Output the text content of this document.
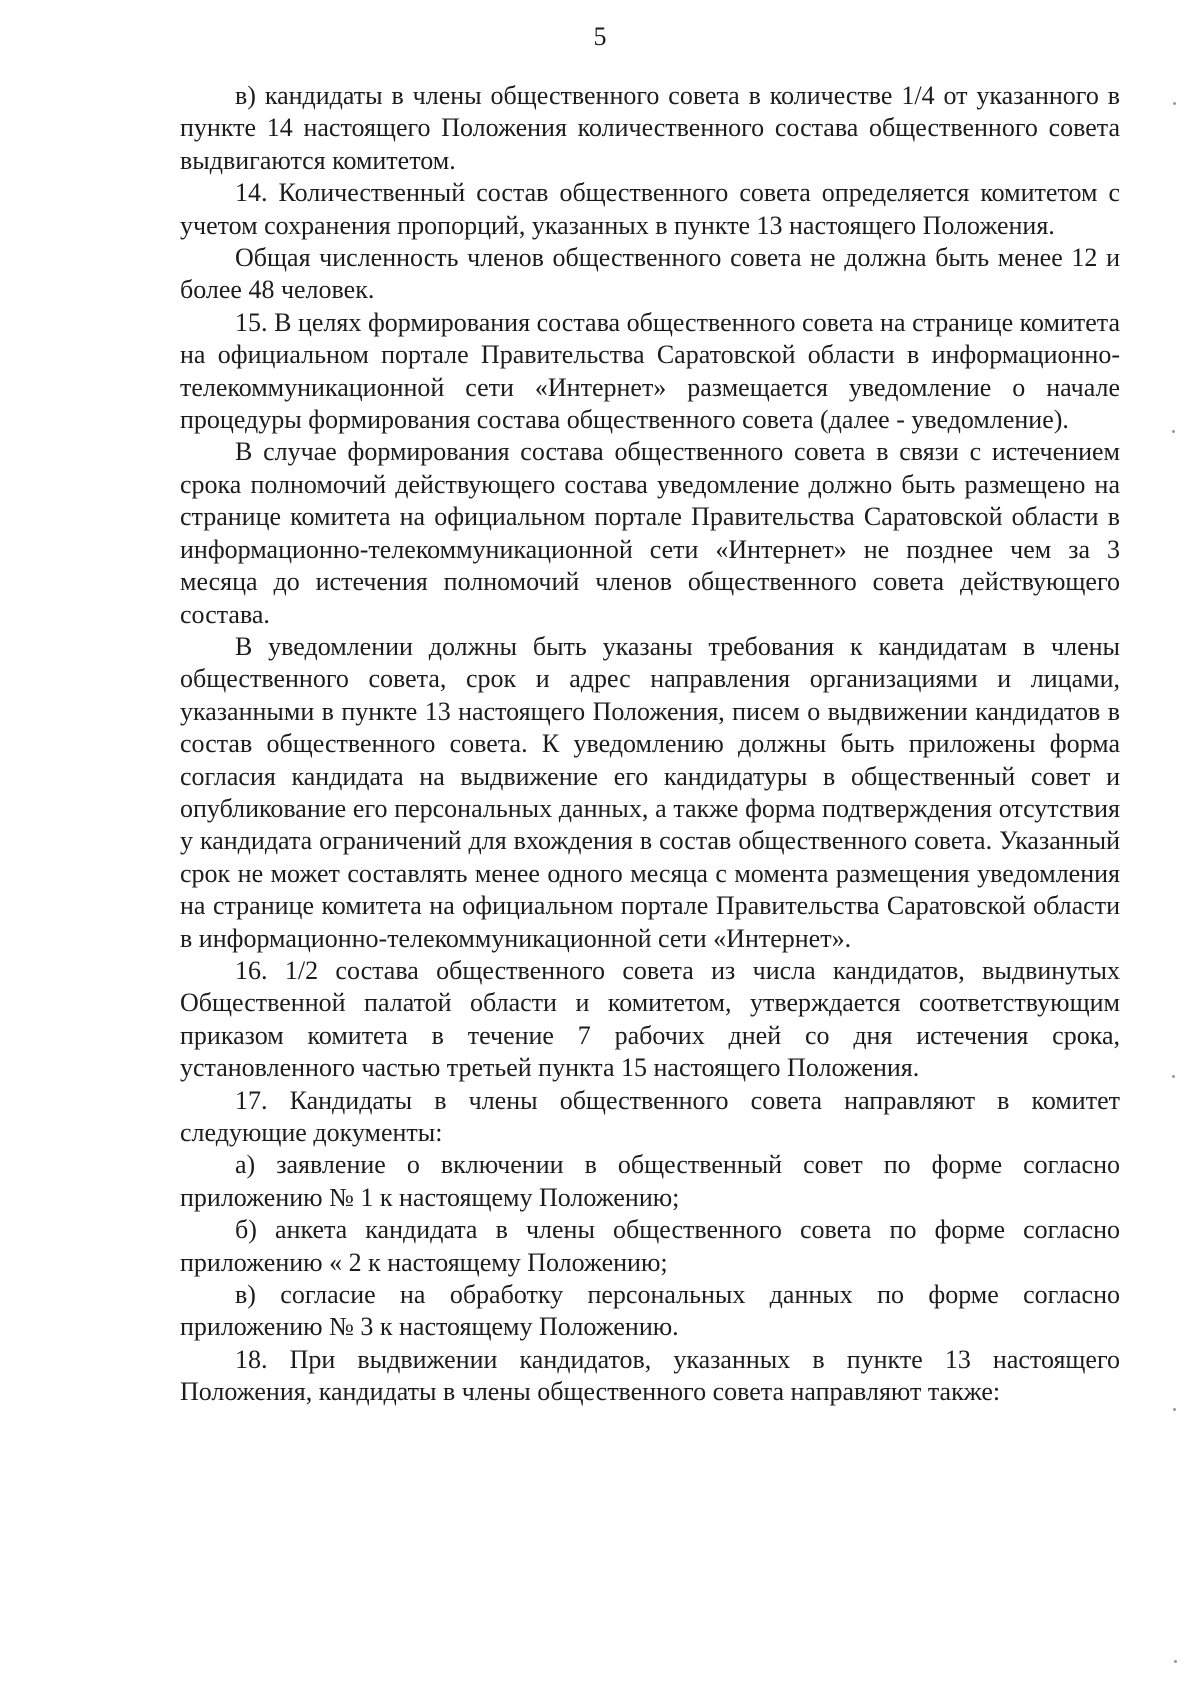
5

в) кандидаты в члены общественного совета в количестве 1/4 от указанного в пункте 14 настоящего Положения количественного состава общественного совета выдвигаются комитетом.

14. Количественный состав общественного совета определяется комитетом с учетом сохранения пропорций, указанных в пункте 13 настоящего Положения.

Общая численность членов общественного совета не должна быть менее 12 и более 48 человек.

15. В целях формирования состава общественного совета на странице комитета на официальном портале Правительства Саратовской области в информационно-телекоммуникационной сети «Интернет» размещается уведомление о начале процедуры формирования состава общественного совета (далее - уведомление).

В случае формирования состава общественного совета в связи с истечением срока полномочий действующего состава уведомление должно быть размещено на странице комитета на официальном портале Правительства Саратовской области в информационно-телекоммуникационной сети «Интернет» не позднее чем за 3 месяца до истечения полномочий членов общественного совета действующего состава.

В уведомлении должны быть указаны требования к кандидатам в члены общественного совета, срок и адрес направления организациями и лицами, указанными в пункте 13 настоящего Положения, писем о выдвижении кандидатов в состав общественного совета. К уведомлению должны быть приложены форма согласия кандидата на выдвижение его кандидатуры в общественный совет и опубликование его персональных данных, а также форма подтверждения отсутствия у кандидата ограничений для вхождения в состав общественного совета. Указанный срок не может составлять менее одного месяца с момента размещения уведомления на странице комитета на официальном портале Правительства Саратовской области в информационно-телекоммуникационной сети «Интернет».

16. 1/2 состава общественного совета из числа кандидатов, выдвинутых Общественной палатой области и комитетом, утверждается соответствующим приказом комитета в течение 7 рабочих дней со дня истечения срока, установленного частью третьей пункта 15 настоящего Положения.

17. Кандидаты в члены общественного совета направляют в комитет следующие документы:

а) заявление о включении в общественный совет по форме согласно приложению № 1 к настоящему Положению;

б) анкета кандидата в члены общественного совета по форме согласно приложению « 2 к настоящему Положению;

в) согласие на обработку персональных данных по форме согласно приложению № 3 к настоящему Положению.

18. При выдвижении кандидатов, указанных в пункте 13 настоящего Положения, кандидаты в члены общественного совета направляют также:
